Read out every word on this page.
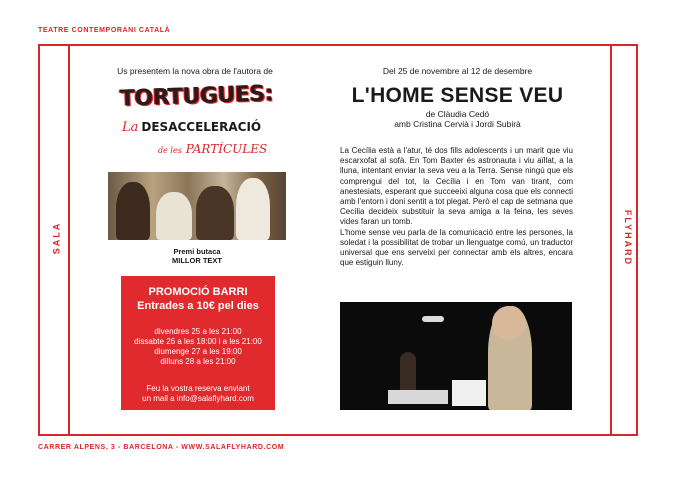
TEATRE CONTEMPORANI CATALÀ
SALA	FLYHARD
Us presentem la nova obra de l'autora de
TORTUGUES:
La DESACCELERACIÓ
de les PARTÍCULES
Premi butaca
MILLOR TEXT
PROMOCIÓ BARRI
Entrades a 10€ pel dies
divendres 25 a les 21:00
dissabte 26 a les 18:00 i a les 21:00
diumenge 27 a les 19:00
dilluns 28 a les 21:00
Feu la vostra reserva enviant
un mail a info@salaflyhard.com
Del 25 de novembre al 12 de desembre
L'HOME SENSE VEU
de Clàudia Cedó
amb Cristina Cervià i Jordi Subirà

La Cecília està a l'atur, té dos fills adolescents i un marit que viu escarxofat al sofà. En Tom Baxter és astronauta i viu aïllat, a la lluna, intentant enviar la seva veu a la Terra. Sense ningú que els comprengui del tot, la Cecília i en Tom van tirant, com anestesiats, esperant que succeeixi alguna cosa que els connecti amb l'entorn i doni sentit a tot plegat. Però el cap de setmana que Cecília decideix substituir la seva amiga a la feina, les seves vides faran un tomb.

L'home sense veu parla de la comunicació entre les persones, la soledat i la possibilitat de trobar un llenguatge comú, un traductor universal que ens serveixi per connectar amb els altres, encara que estiguin lluny.

CARRER ALPENS, 3 - BARCELONA - WWW.SALAFLYHARD.COM
